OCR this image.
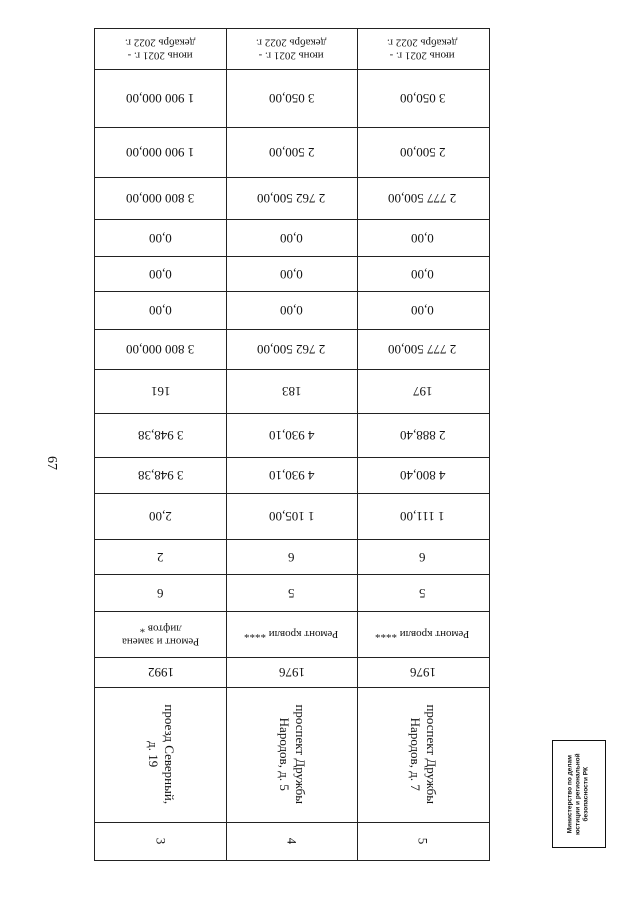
67
июнь 2021 г. -
декабрь 2022 г.
1 900 000,00
1 900 000,00
3 800 000,00
0,00
0,00
0,00
3 800 000,00
161
3 948,38
3 948,38
2,00
2
6
Ремонт и замена
лифтов *
1992
проезд Северный,
д. 19
3
июнь 2021 г. -
декабрь 2022 г.
3 050,00
2 500,00
2 762 500,00
0,00
0,00
0,00
2 762 500,00
183
4 930,10
4 930,10
1 105,00
6
5
Ремонт кровли ****
1976
проспект Дружбы
Народов, д. 5
4
июнь 2021 г. -
декабрь 2022 г.
3 050,00
2 500,00
2 777 500,00
0,00
0,00
0,00
2 777 500,00
197
2 888,40
4 800,40
1 111,00
6
5
Ремонт кровли ****
1976
проспект Дружбы
Народов, д. 7
5
Министерство по делам юстиции и региональной безопасности РК
